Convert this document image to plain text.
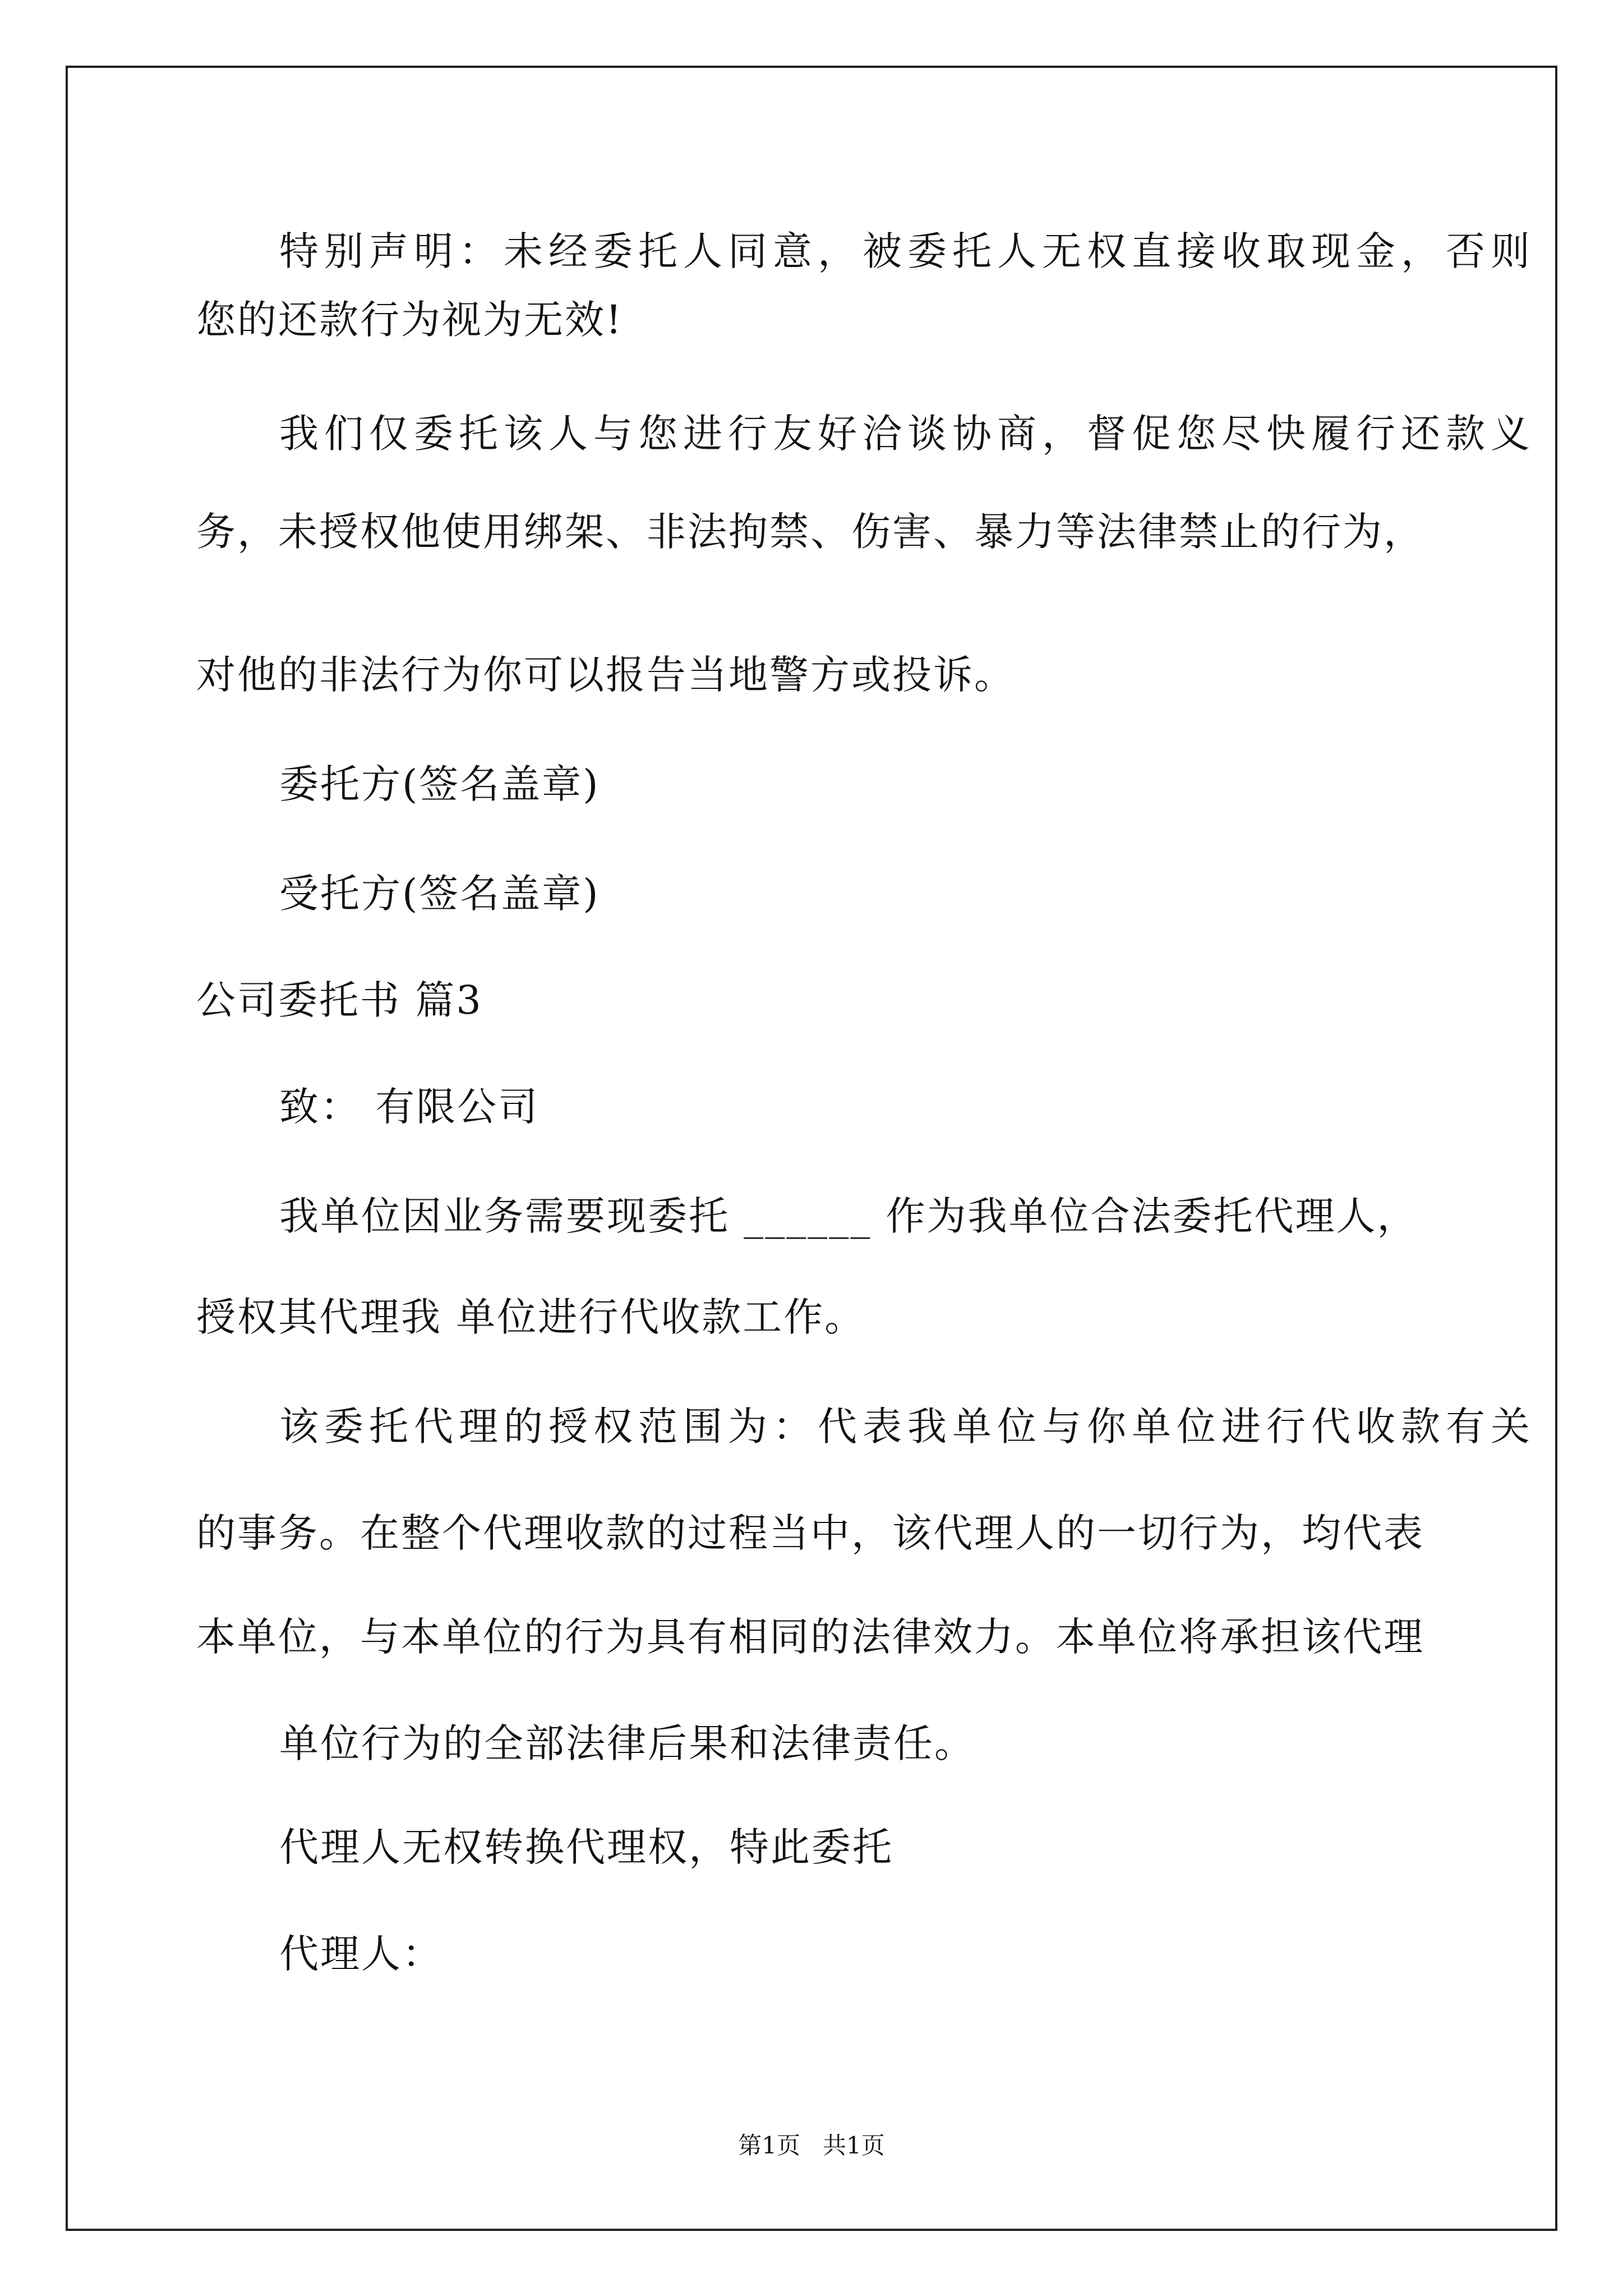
特别声明：未经委托人同意，被委托人无权直接收取现金，否则
您的还款行为视为无效!
我们仅委托该人与您进行友好洽谈协商，督促您尽快履行还款义
务，未授权他使用绑架、非法拘禁、伤害、暴力等法律禁止的行为，
对他的非法行为你可以报告当地警方或投诉。
委托方(签名盖章)
受托方(签名盖章)
公司委托书 篇3
致： 有限公司
我单位因业务需要现委托 ______ 作为我单位合法委托代理人，
授权其代理我 单位进行代收款工作。
该委托代理的授权范围为：代表我单位与你单位进行代收款有关
的事务。在整个代理收款的过程当中，该代理人的一切行为，均代表
本单位，与本单位的行为具有相同的法律效力。本单位将承担该代理
单位行为的全部法律后果和法律责任。
代理人无权转换代理权，特此委托
代理人：
第1页   共1页
